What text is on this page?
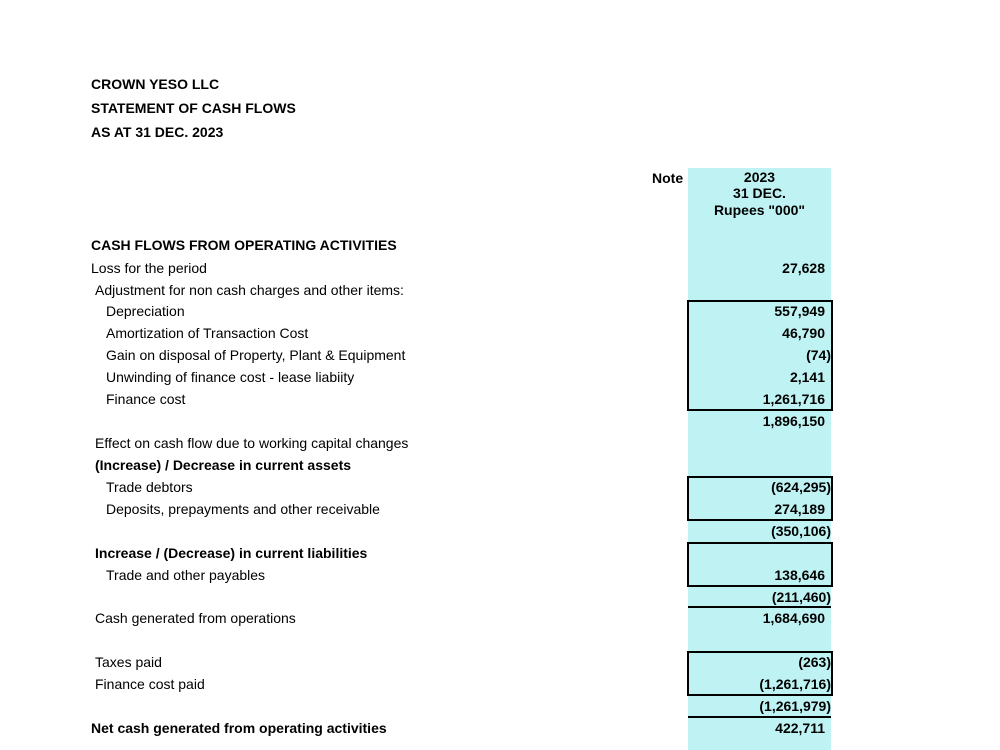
CROWN YESO LLC
STATEMENT OF CASH FLOWS
AS AT 31 DEC. 2023
Note	2023
31 DEC.
Rupees "000"
CASH FLOWS FROM OPERATING ACTIVITIES
Loss for the period	27,628
Adjustment for non cash charges and other items:
Depreciation	557,949
Amortization of Transaction Cost	46,790
Gain on disposal of Property, Plant & Equipment	(74)
Unwinding of finance cost - lease liabiity	2,141
Finance cost	1,261,716
1,896,150
Effect on cash flow due to working capital changes
(Increase) / Decrease in current assets
Trade debtors	(624,295)
Deposits, prepayments and other receivable	274,189
(350,106)
Increase / (Decrease) in current liabilities
Trade and other payables	138,646
(211,460)
Cash generated from operations	1,684,690
Taxes paid	(263)
Finance cost paid	(1,261,716)
(1,261,979)
Net cash generated from operating activities	422,711
